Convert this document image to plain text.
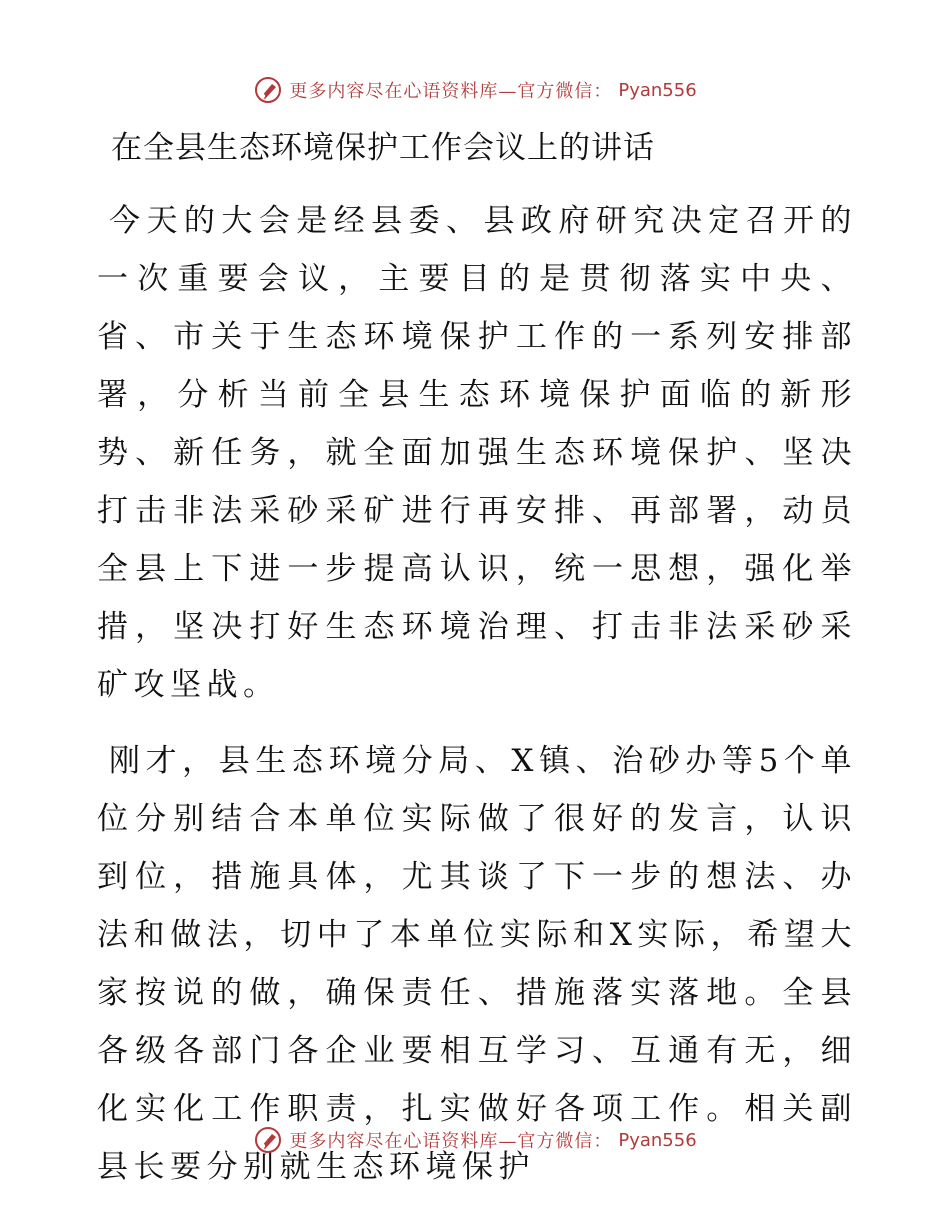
更多内容尽在心语资料库—官方微信： Pyan556
在全县生态环境保护工作会议上的讲话

今天的大会是经县委、县政府研究决定召开的一次重要会议，主要目的是贯彻落实中央、省、市关于生态环境保护工作的一系列安排部署，分析当前全县生态环境保护面临的新形势、新任务，就全面加强生态环境保护、坚决打击非法采砂采矿进行再安排、再部署，动员全县上下进一步提高认识，统一思想，强化举措，坚决打好生态环境治理、打击非法采砂采矿攻坚战。

刚才，县生态环境分局、X镇、治砂办等5个单位分别结合本单位实际做了很好的发言，认识到位，措施具体，尤其谈了下一步的想法、办法和做法，切中了本单位实际和X实际，希望大家按说的做，确保责任、措施落实落地。全县各级各部门各企业要相互学习、互通有无，细化实化工作职责，扎实做好各项工作。相关副县长要分别就生态环境保护

更多内容尽在心语资料库—官方微信： Pyan556
